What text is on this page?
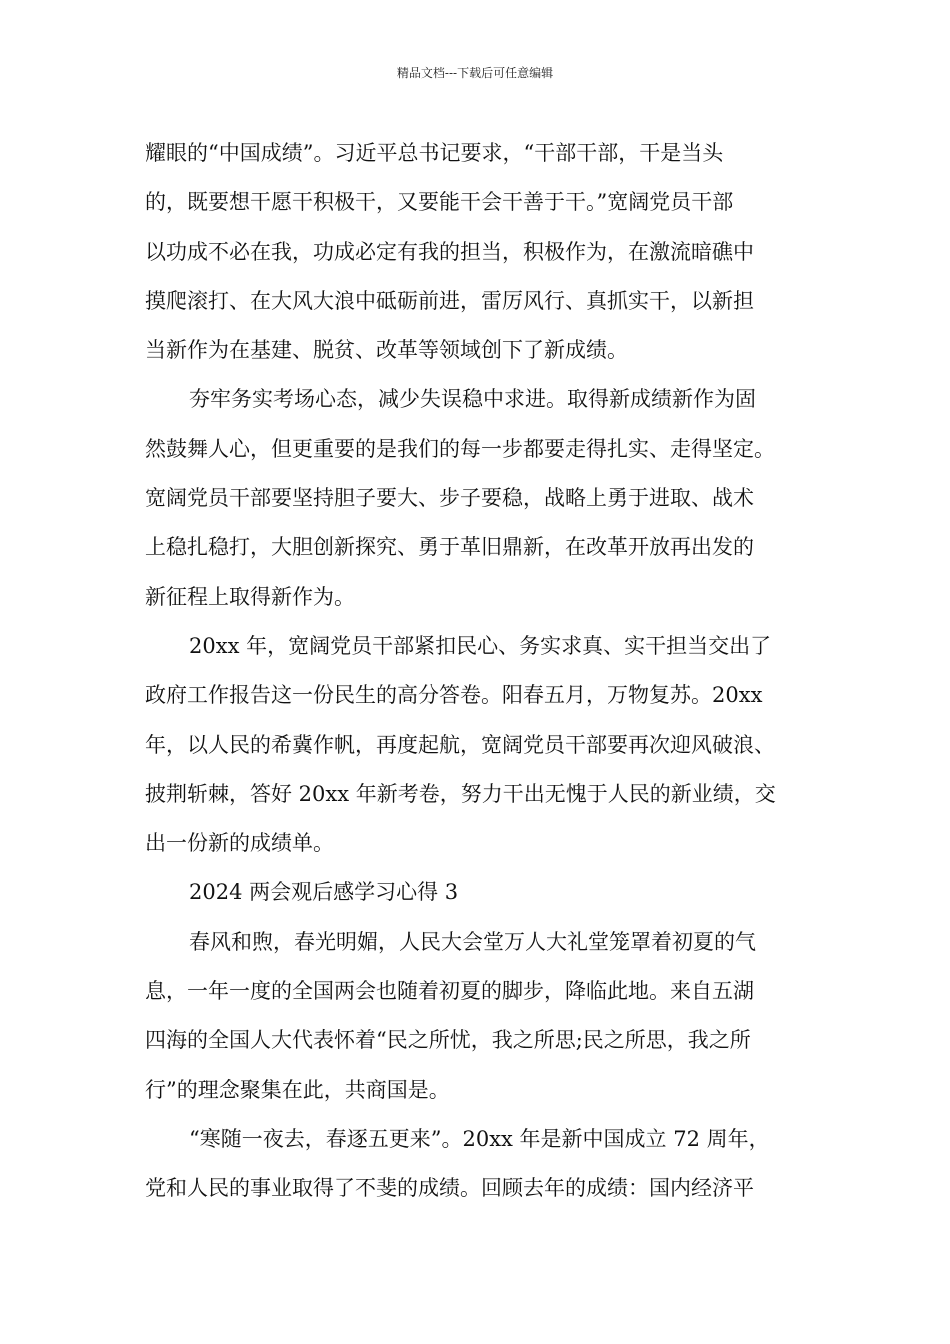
精品文档---下载后可任意编辑
耀眼的“中国成绩”。习近平总书记要求，“干部干部，干是当头
的，既要想干愿干积极干，又要能干会干善于干。”宽阔党员干部
以功成不必在我，功成必定有我的担当，积极作为，在激流暗礁中
摸爬滚打、在大风大浪中砥砺前进，雷厉风行、真抓实干，以新担
当新作为在基建、脱贫、改革等领域创下了新成绩。
夯牢务实考场心态，减少失误稳中求进。取得新成绩新作为固
然鼓舞人心，但更重要的是我们的每一步都要走得扎实、走得坚定。
宽阔党员干部要坚持胆子要大、步子要稳，战略上勇于进取、战术
上稳扎稳打，大胆创新探究、勇于革旧鼎新，在改革开放再出发的
新征程上取得新作为。
20xx 年，宽阔党员干部紧扣民心、务实求真、实干担当交出了
政府工作报告这一份民生的高分答卷。阳春五月，万物复苏。20xx
年，以人民的希冀作帆，再度起航，宽阔党员干部要再次迎风破浪、
披荆斩棘，答好 20xx 年新考卷，努力干出无愧于人民的新业绩，交
出一份新的成绩单。
2024 两会观后感学习心得 3
春风和煦，春光明媚，人民大会堂万人大礼堂笼罩着初夏的气
息，一年一度的全国两会也随着初夏的脚步，降临此地。来自五湖
四海的全国人大代表怀着“民之所忧，我之所思;民之所思，我之所
行”的理念聚集在此，共商国是。
“寒随一夜去，春逐五更来”。20xx 年是新中国成立 72 周年，
党和人民的事业取得了不斐的成绩。回顾去年的成绩：国内经济平
